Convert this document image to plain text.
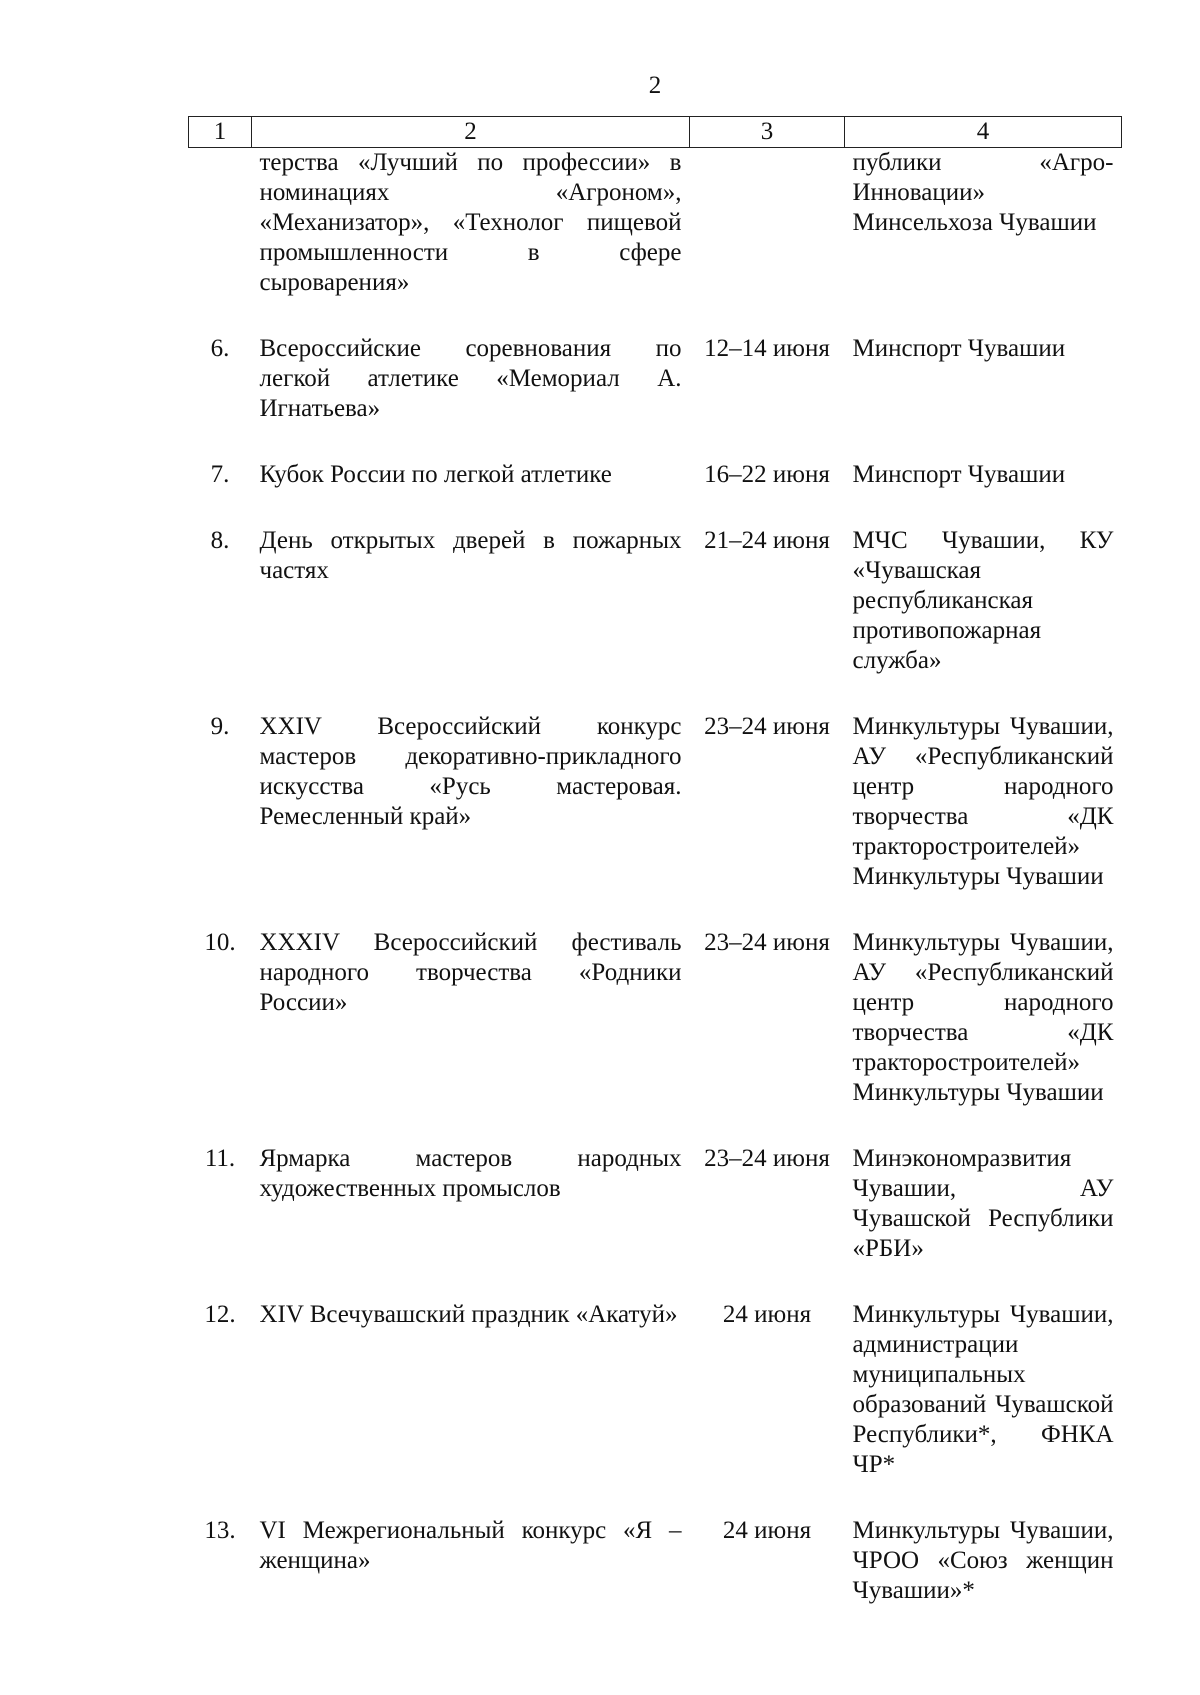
2
1	2	3	4
	терства «Лучший по профессии» в номинациях «Агроном», «Механизатор», «Технолог пищевой промышленности в сфере сыроварения»		публики «Агро-Инновации» Минсельхоза Чувашии
6.	Всероссийские соревнования по легкой атлетике «Мемориал А. Игнатьева»	12–14 июня	Минспорт Чувашии
7.	Кубок России по легкой атлетике	16–22 июня	Минспорт Чувашии
8.	День открытых дверей в пожарных частях	21–24 июня	МЧС Чувашии, КУ «Чувашская республиканская противопожарная служба»
9.	XXIV Всероссийский конкурс мастеров декоративно-прикладного искусства «Русь мастеровая. Ремесленный край»	23–24 июня	Минкультуры Чувашии, АУ «Республиканский центр народного творчества «ДК тракторостроителей» Минкультуры Чувашии
10.	XXXIV Всероссийский фестиваль народного творчества «Родники России»	23–24 июня	Минкультуры Чувашии, АУ «Республиканский центр народного творчества «ДК тракторостроителей» Минкультуры Чувашии
11.	Ярмарка мастеров народных художественных промыслов	23–24 июня	Минэкономразвития Чувашии, АУ Чувашской Республики «РБИ»
12.	XIV Всечувашский праздник «Акатуй»	24 июня	Минкультуры Чувашии, администрации муниципальных образований Чувашской Республики*, ФНКА ЧР*
13.	VI Межрегиональный конкурс «Я – женщина»	24 июня	Минкультуры Чувашии, ЧРОО «Союз женщин Чувашии»*
